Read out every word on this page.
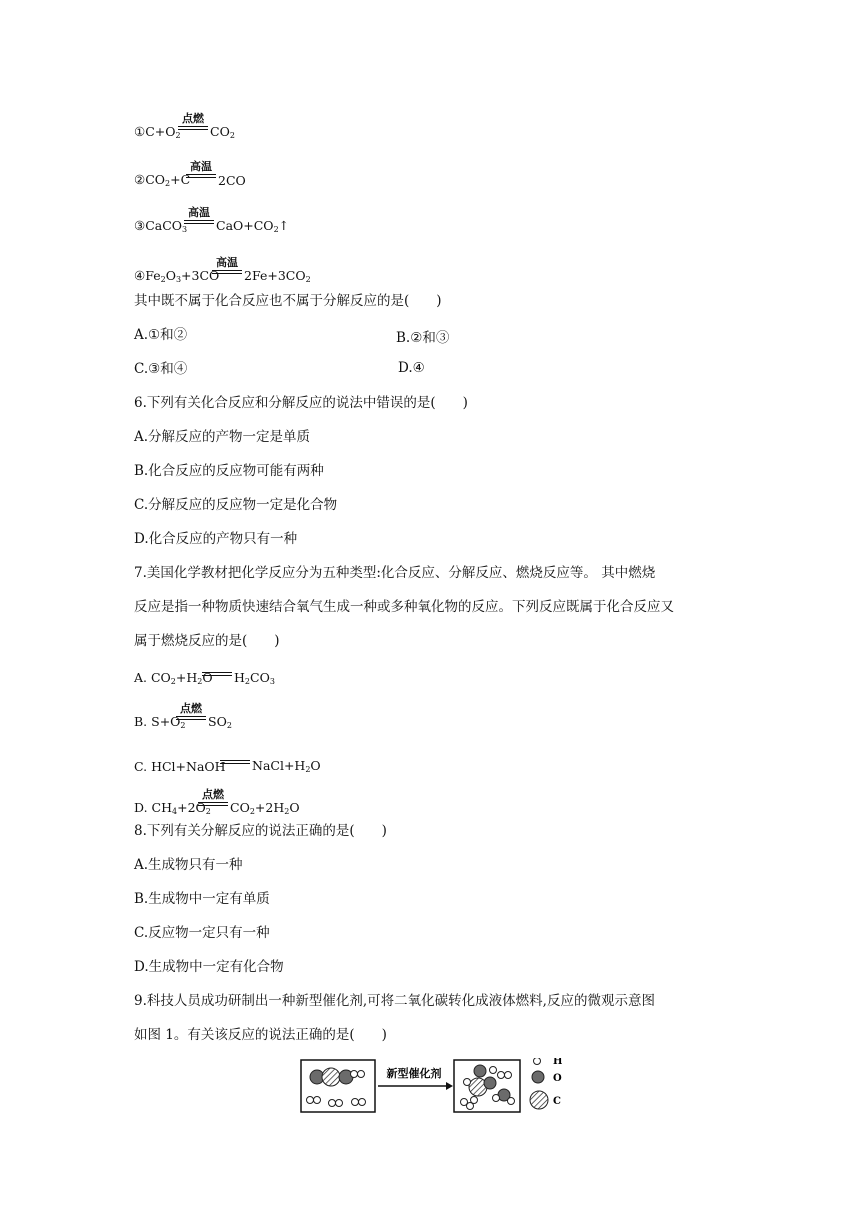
$①C+O_2$
点燃
$CO_2$
$②CO_2+C$
高温
2CO
③CaCO$_3$
高温
$CaO+CO_2↑$
$④Fe_2O_3+3CO$
高温
$2Fe+3CO_2$
其中既不属于化合反应也不属于分解反应的是(　　)
A.①和②	B.②和③
C.③和④	D.④
6.下列有关化合反应和分解反应的说法中错误的是(　　)
A.分解反应的产物一定是单质
B.化合反应的反应物可能有两种
C.分解反应的反应物一定是化合物
D.化合反应的产物只有一种
7.美国化学教材把化学反应分为五种类型:化合反应、分解反应、燃烧反应等。 其中燃烧
反应是指一种物质快速结合氧气生成一种或多种氧化物的反应。下列反应既属于化合反应又
属于燃烧反应的是(　　)
A. $CO_2+H_2O$ $H_2CO_3$
B. $S+O_2$
点燃
$SO_2$
C. HCl+NaOH $NaCl+H_2O$
D. $CH_4+2O_2$
点燃
$CO_2+2H_2O$
8.下列有关分解反应的说法正确的是(　　)
A.生成物只有一种
B.生成物中一定有单质
C.反应物一定只有一种
D.生成物中一定有化合物
9.科技人员成功研制出一种新型催化剂,可将二氧化碳转化成液体燃料,反应的微观示意图
如图 1。有关该反应的说法正确的是(　　)
新型催化剂
H
O
C
